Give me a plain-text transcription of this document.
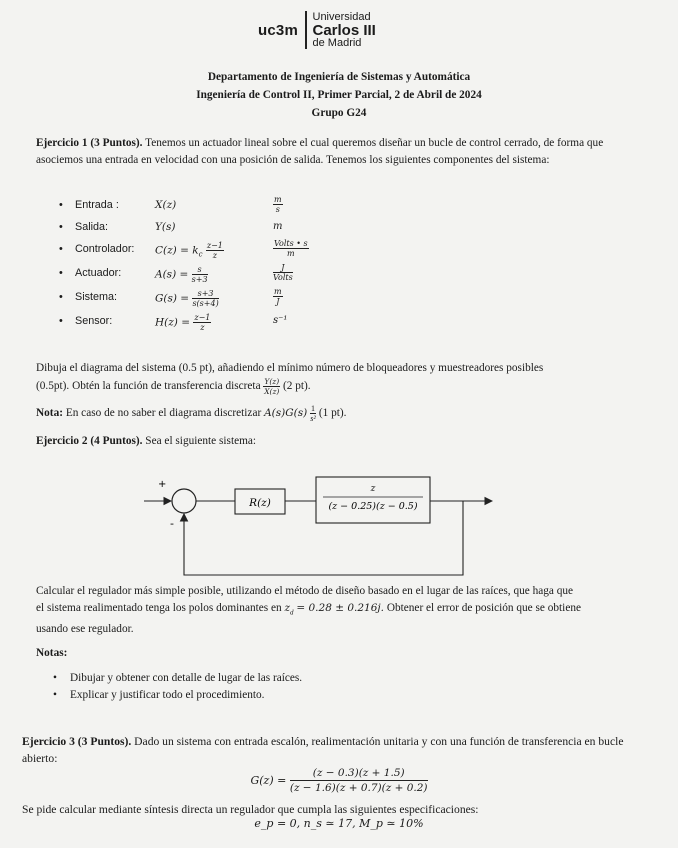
uc3m
Universidad
Carlos III
de Madrid
Departamento de Ingeniería de Sistemas y Automática
Ingeniería de Control II, Primer Parcial, 2 de Abril de 2024
Grupo G24
Ejercicio 1 (3 Puntos). Tenemos un actuador lineal sobre el cual queremos diseñar un bucle de control cerrado, de forma que asociemos una entrada en velocidad con una posición de salida. Tenemos los siguientes componentes del sistema:
• Entrada :	X(z)	$\frac{m}{s}$
• Salida:	Y(s)	m
• Controlador: $C(z) = k_c \frac{z-1}{z}$	$\frac{\text{Volts • s}}{m}$
• Actuador:	$A(s) = \frac{s}{s+3}$	$\frac{J}{\text{Volts}}$
• Sistema:	$G(s) = \frac{s+3}{s(s+4)}$	$\frac{m}{J}$
• Sensor:	$H(z) = \frac{z-1}{z}$	s⁻¹
Dibuja el diagrama del sistema (0.5 pt), añadiendo el mínimo número de bloqueadores y muestreadores posibles
(0.5pt). Obtén la función de transferencia discreta $\frac{Y(z)}{X(z)} (2$ pt).
Nota: En caso de no saber el diagrama discretizar $A(s)G(s) \frac{1}{\text{s²}} (1$ pt).
Ejercicio 2 (4 Puntos). Sea el siguiente sistema:
+
-
R(z)
z
(z − 0.25)(z − 0.5)
Calcular el regulador más simple posible, utilizando el método de diseño basado en el lugar de las raíces, que haga que
el sistema realimentado tenga los polos dominantes en $z_d = 0.28 \pm 0.216j$. Obtener el error de posición que se obtiene
usando ese regulador.
Notas:
• Dibujar y obtener con detalle de lugar de las raíces.
• Explicar y justificar todo el procedimiento.
Ejercicio 3 (3 Puntos). Dado un sistema con entrada escalón, realimentación unitaria y con una función de transferencia en bucle abierto:
$G(z) = \frac{(z - 0.3)(z + 1.5)}{(z - 1.6)(z + 0.7)(z + 0.2)}$
Se pide calcular mediante síntesis directa un regulador que cumpla las siguientes especificaciones:
e_p = 0, n_s ≃ 17, M_p ≃ 10%
